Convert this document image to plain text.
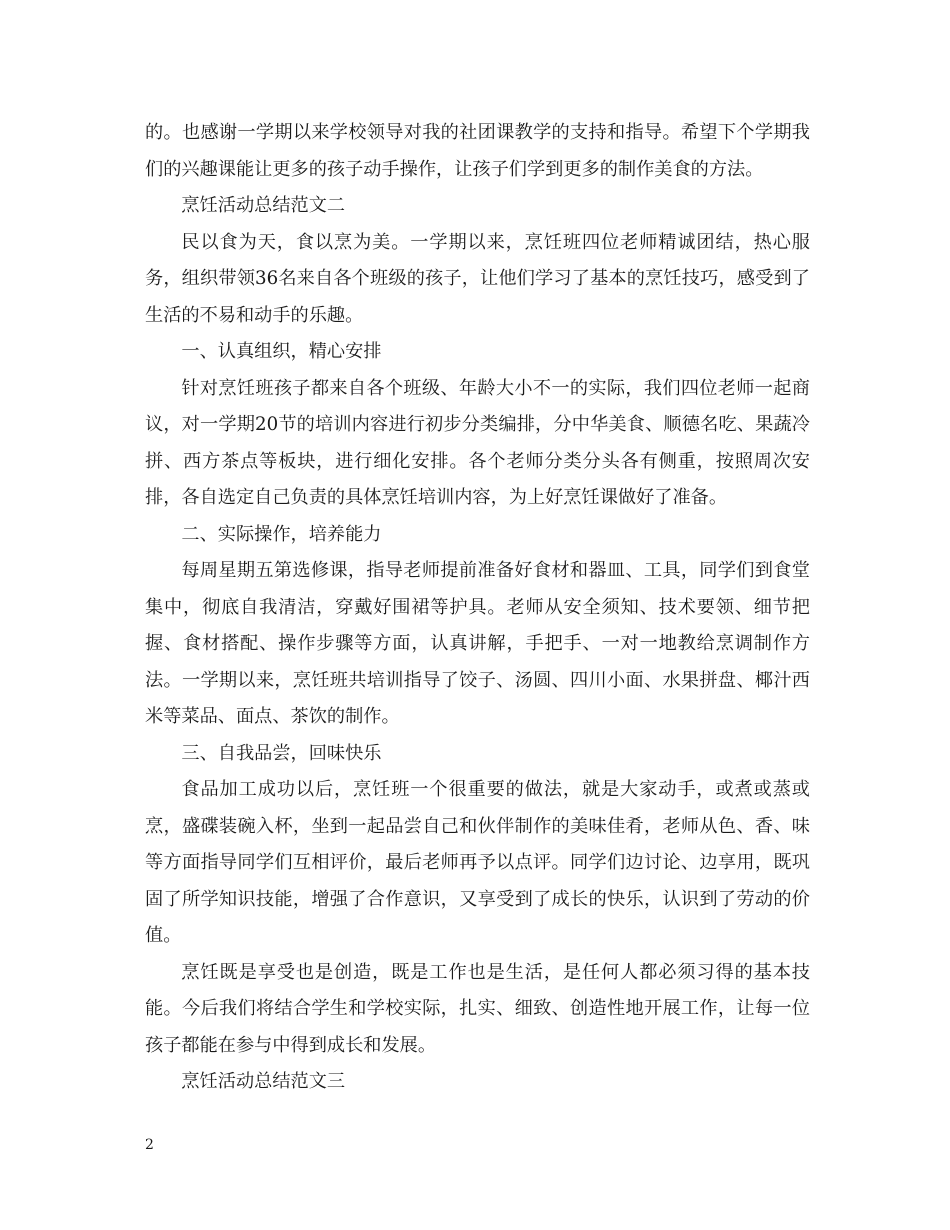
的。也感谢一学期以来学校领导对我的社团课教学的支持和指导。希望下个学期我们的兴趣课能让更多的孩子动手操作，让孩子们学到更多的制作美食的方法。

烹饪活动总结范文二

民以食为天，食以烹为美。一学期以来，烹饪班四位老师精诚团结，热心服务，组织带领36名来自各个班级的孩子，让他们学习了基本的烹饪技巧，感受到了生活的不易和动手的乐趣。

一、认真组织，精心安排

针对烹饪班孩子都来自各个班级、年龄大小不一的实际，我们四位老师一起商议，对一学期20节的培训内容进行初步分类编排，分中华美食、顺德名吃、果蔬冷拼、西方茶点等板块，进行细化安排。各个老师分类分头各有侧重，按照周次安排，各自选定自己负责的具体烹饪培训内容，为上好烹饪课做好了准备。

二、实际操作，培养能力

每周星期五第选修课，指导老师提前准备好食材和器皿、工具，同学们到食堂集中，彻底自我清洁，穿戴好围裙等护具。老师从安全须知、技术要领、细节把握、食材搭配、操作步骤等方面，认真讲解，手把手、一对一地教给烹调制作方法。一学期以来，烹饪班共培训指导了饺子、汤圆、四川小面、水果拼盘、椰汁西米等菜品、面点、茶饮的制作。

三、自我品尝，回味快乐

食品加工成功以后，烹饪班一个很重要的做法，就是大家动手，或煮或蒸或烹，盛碟装碗入杯，坐到一起品尝自己和伙伴制作的美味佳肴，老师从色、香、味等方面指导同学们互相评价，最后老师再予以点评。同学们边讨论、边享用，既巩固了所学知识技能，增强了合作意识，又享受到了成长的快乐，认识到了劳动的价值。

烹饪既是享受也是创造，既是工作也是生活，是任何人都必须习得的基本技能。今后我们将结合学生和学校实际，扎实、细致、创造性地开展工作，让每一位孩子都能在参与中得到成长和发展。

烹饪活动总结范文三

2
